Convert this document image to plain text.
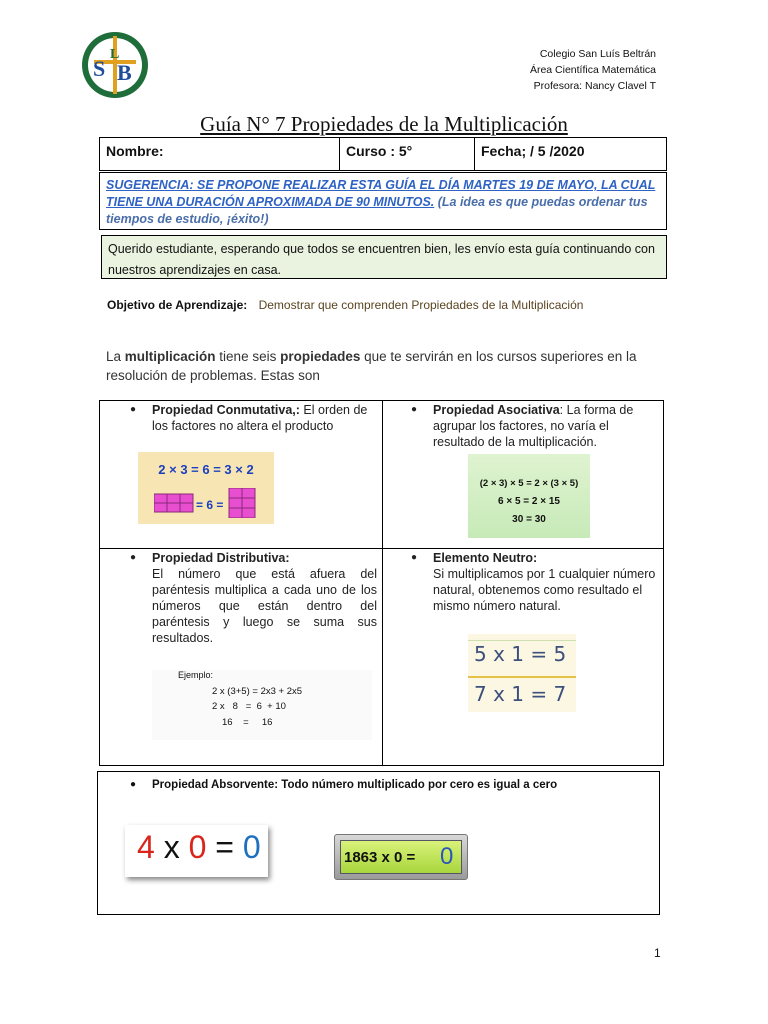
S B
L	Colegio San Luís Beltrán
Área Científica Matemática
Profesora: Nancy Clavel T
Guía N° 7 Propiedades de la Multiplicación
Nombre:	Curso : 5°	Fecha; / 5 /2020
SUGERENCIA: SE PROPONE REALIZAR ESTA GUÍA EL DÍA MARTES 19 DE MAYO, LA CUAL TIENE UNA DURACIÓN APROXIMADA DE 90 MINUTOS. (La idea es que puedas ordenar tus tiempos de estudio, ¡éxito!)
Querido estudiante, esperando que todos se encuentren bien, les envío esta guía continuando con nuestros aprendizajes en casa.
Objetivo de Aprendizaje: Demostrar que comprenden Propiedades de la Multiplicación
La multiplicación tiene seis propiedades que te servirán en los cursos superiores en la resolución de problemas. Estas son
● Propiedad Conmutativa,: El orden de los factores no altera el producto
● Propiedad Asociativa: La forma de agrupar los factores, no varía el resultado de la multiplicación.
● Propiedad Distributiva:
El número que está afuera del paréntesis multiplica a cada uno de los números que están dentro del paréntesis y luego se suma sus resultados.
● Elemento Neutro:
Si multiplicamos por 1 cualquier número natural, obtenemos como resultado el mismo número natural.
2 × 3 = 6 = 3 × 2
= 6 =
(2 × 3) × 5 = 2 × (3 × 5)
6 × 5 = 2 × 15
30 = 30
Ejemplo:
2 x (3+5) = 2x3 + 2x5
2 x   8   =  6  + 10
16    =     16
5 x 1 = 5
7 x 1 = 7
● Propiedad Absorvente: Todo número multiplicado por cero es igual a cero
4 x 0 = 0	1863 x 0 = 0
1
